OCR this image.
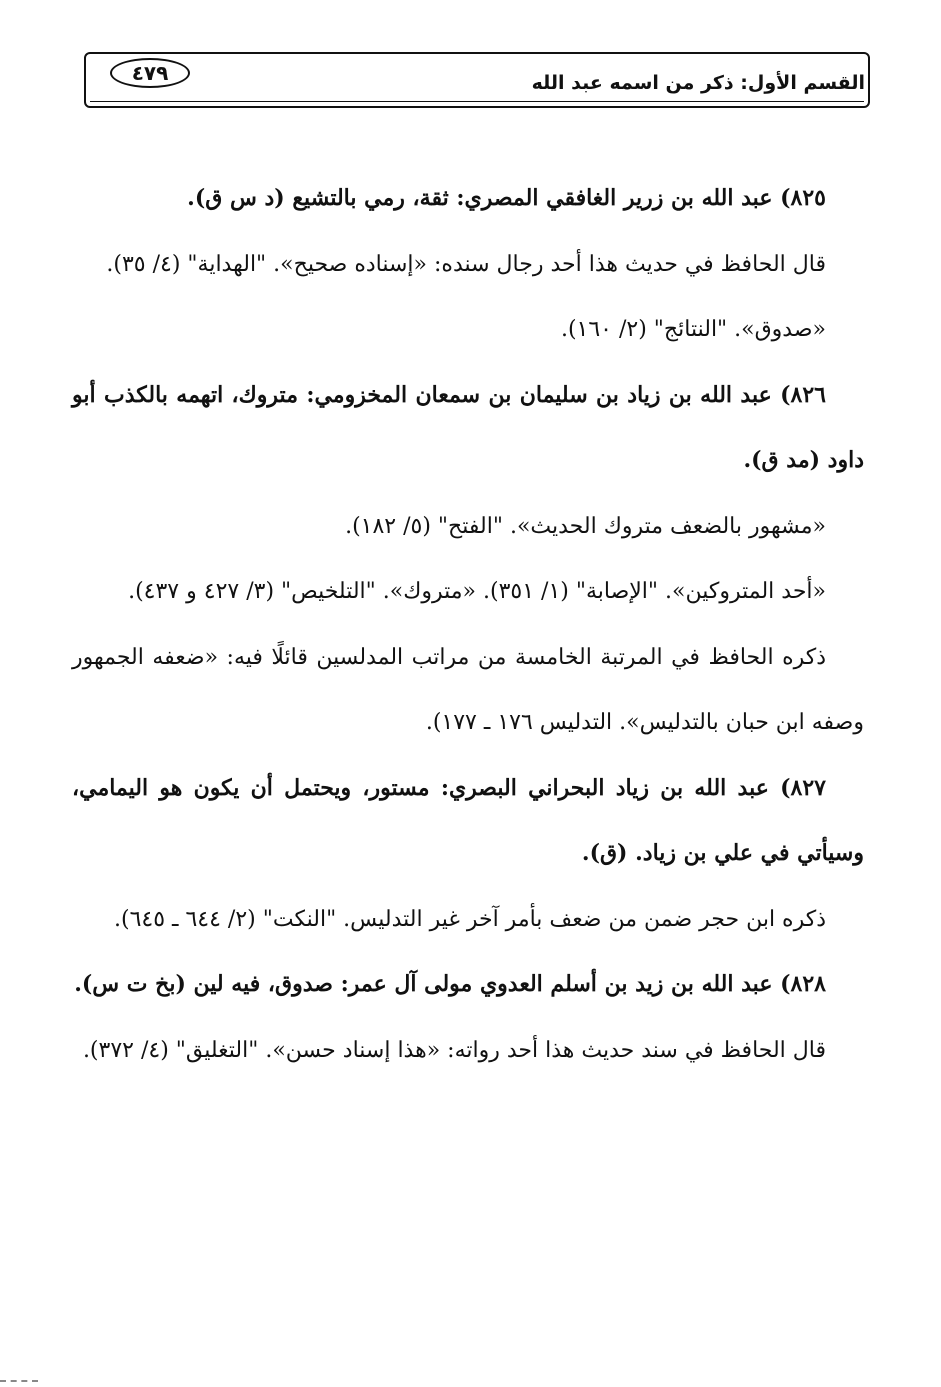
٤٧٩	القسم الأول: ذكر من اسمه عبد الله

٨٢٥) عبد الله بن زرير الغافقي المصري: ثقة، رمي بالتشيع (د س ق).

قال الحافظ في حديث هذا أحد رجال سنده: «إسناده صحيح». "الهداية" (٤/ ٣٥).

«صدوق». "النتائج" (٢/ ١٦٠).

٨٢٦) عبد الله بن زياد بن سليمان بن سمعان المخزومي: متروك، اتهمه بالكذب أبو داود (مد ق).

«مشهور بالضعف متروك الحديث». "الفتح" (٥/ ١٨٢).

«أحد المتروكين». "الإصابة" (١/ ٣٥١). «متروك». "التلخيص" (٣/ ٤٢٧ و ٤٣٧).

ذكره الحافظ في المرتبة الخامسة من مراتب المدلسين قائلًا فيه: «ضعفه الجمهور وصفه ابن حبان بالتدليس». التدليس ١٧٦ ـ ١٧٧).

٨٢٧) عبد الله بن زياد البحراني البصري: مستور، ويحتمل أن يكون هو اليمامي، وسيأتي في علي بن زياد. (ق).

ذكره ابن حجر ضمن من ضعف بأمر آخر غير التدليس. "النكت" (٢/ ٦٤٤ ـ ٦٤٥).

٨٢٨) عبد الله بن زيد بن أسلم العدوي مولى آل عمر: صدوق، فيه لين (بخ ت س).

قال الحافظ في سند حديث هذا أحد رواته: «هذا إسناد حسن». "التغليق" (٤/ ٣٧٢).
